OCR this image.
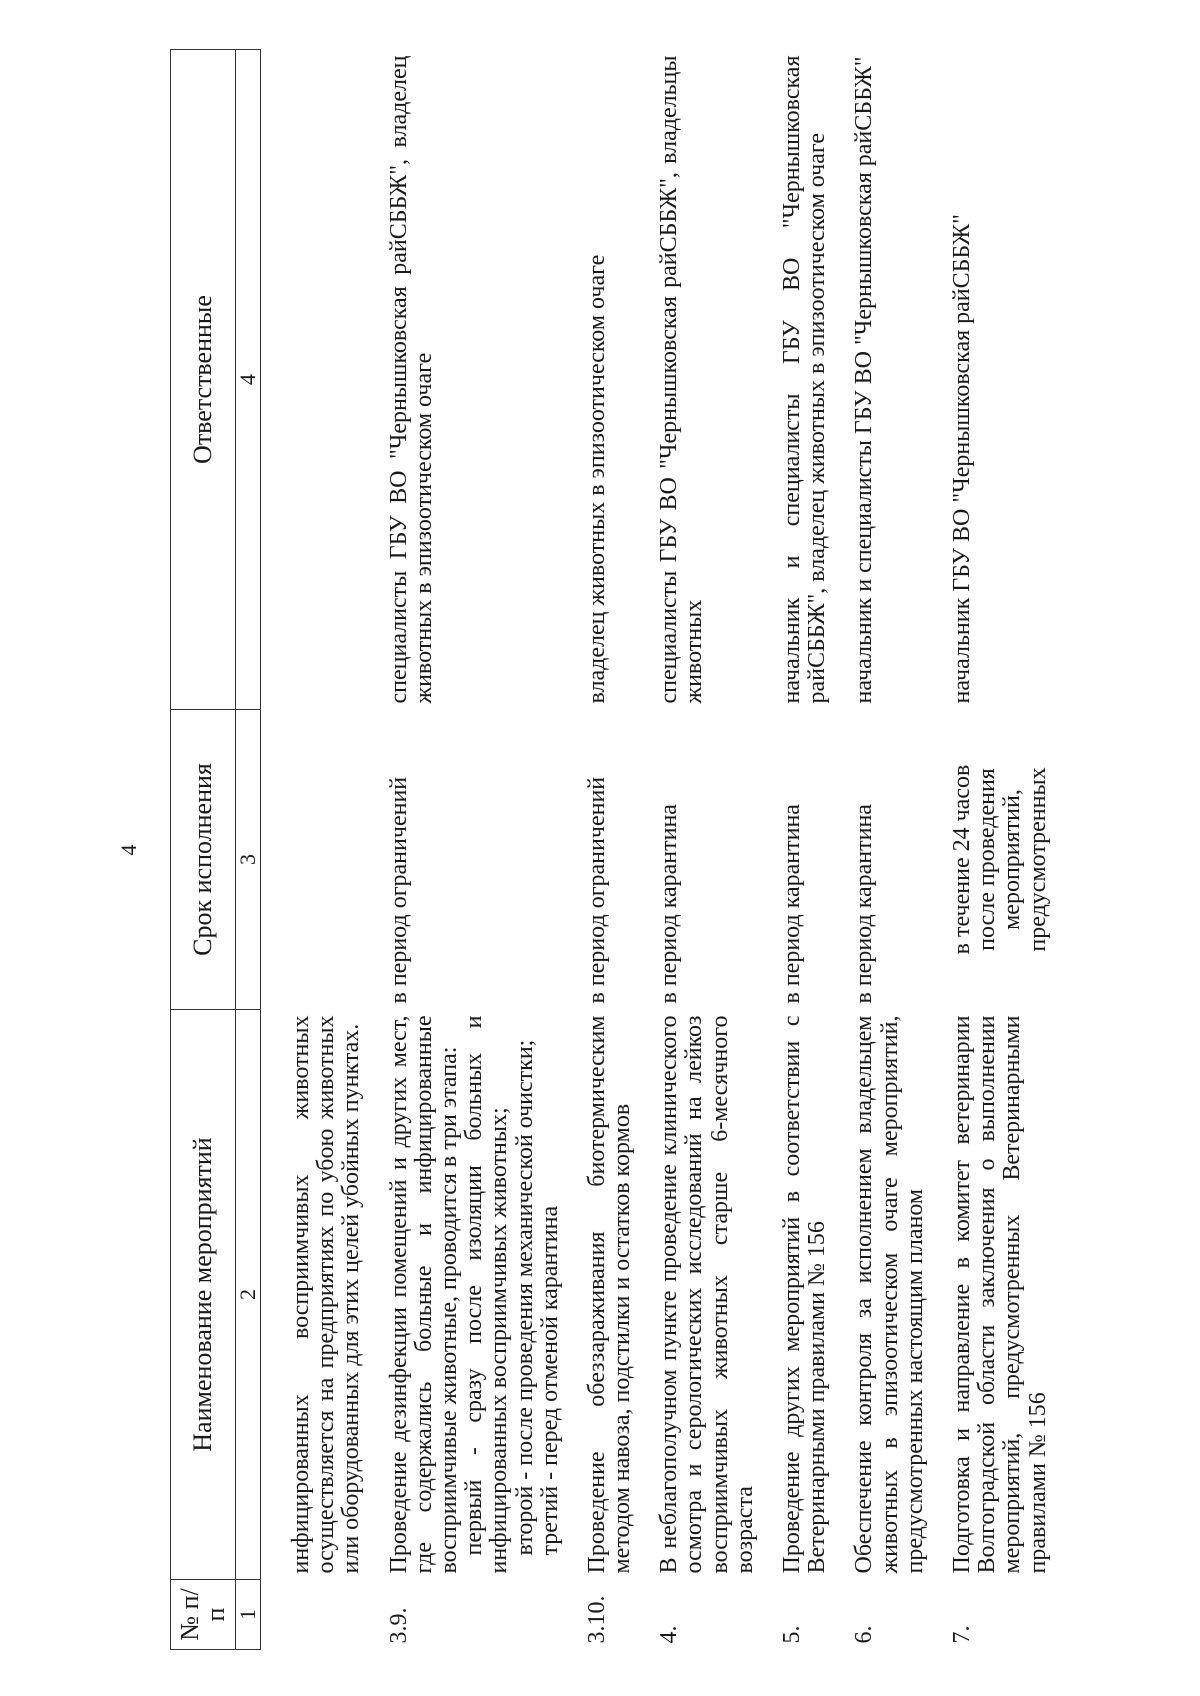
4
№ п/п	Наименование мероприятий	Срок исполнения	Ответственные
1	2	3	4
	инфицированных восприимчивых животных осуществляется на предприятиях по убою животных или оборудованных для этих целей убойных пунктах.		
3.9.	Проведение дезинфекции помещений и других мест, где содержались больные и инфицированные восприимчивые животные, проводится в три этапа: первый - сразу после изоляции больных и инфицированных восприимчивых животных; второй - после проведения механической очистки; третий - перед отменой карантина	в период ограничений	специалисты ГБУ ВО "Чернышковская райСББЖ", владелец животных в эпизоотическом очаге
3.10.	Проведение обеззараживания биотермическим методом навоза, подстилки и остатков кормов	в период ограничений	владелец животных в эпизоотическом очаге
4.	В неблагополучном пункте проведение клинического осмотра и серологических исследований на лейкоз восприимчивых животных старше 6-месячного возраста	в период карантина	специалисты ГБУ ВО "Чернышковская райСББЖ", владельцы животных
5.	Проведение других мероприятий в соответствии с Ветеринарными правилами № 156	в период карантина	начальник и специалисты ГБУ ВО "Чернышковская райСББЖ", владелец животных в эпизоотическом очаге
6.	Обеспечение контроля за исполнением владельцем животных в эпизоотическом очаге мероприятий, предусмотренных настоящим планом	в период карантина	начальник и специалисты ГБУ ВО "Чернышковская райСББЖ"
7.	Подготовка и направление в комитет ветеринарии Волгоградской области заключения о выполнении мероприятий, предусмотренных Ветеринарными правилами № 156	в течение 24 часов после проведения мероприятий, предусмотренных	начальник ГБУ ВО "Чернышковская райСББЖ"
